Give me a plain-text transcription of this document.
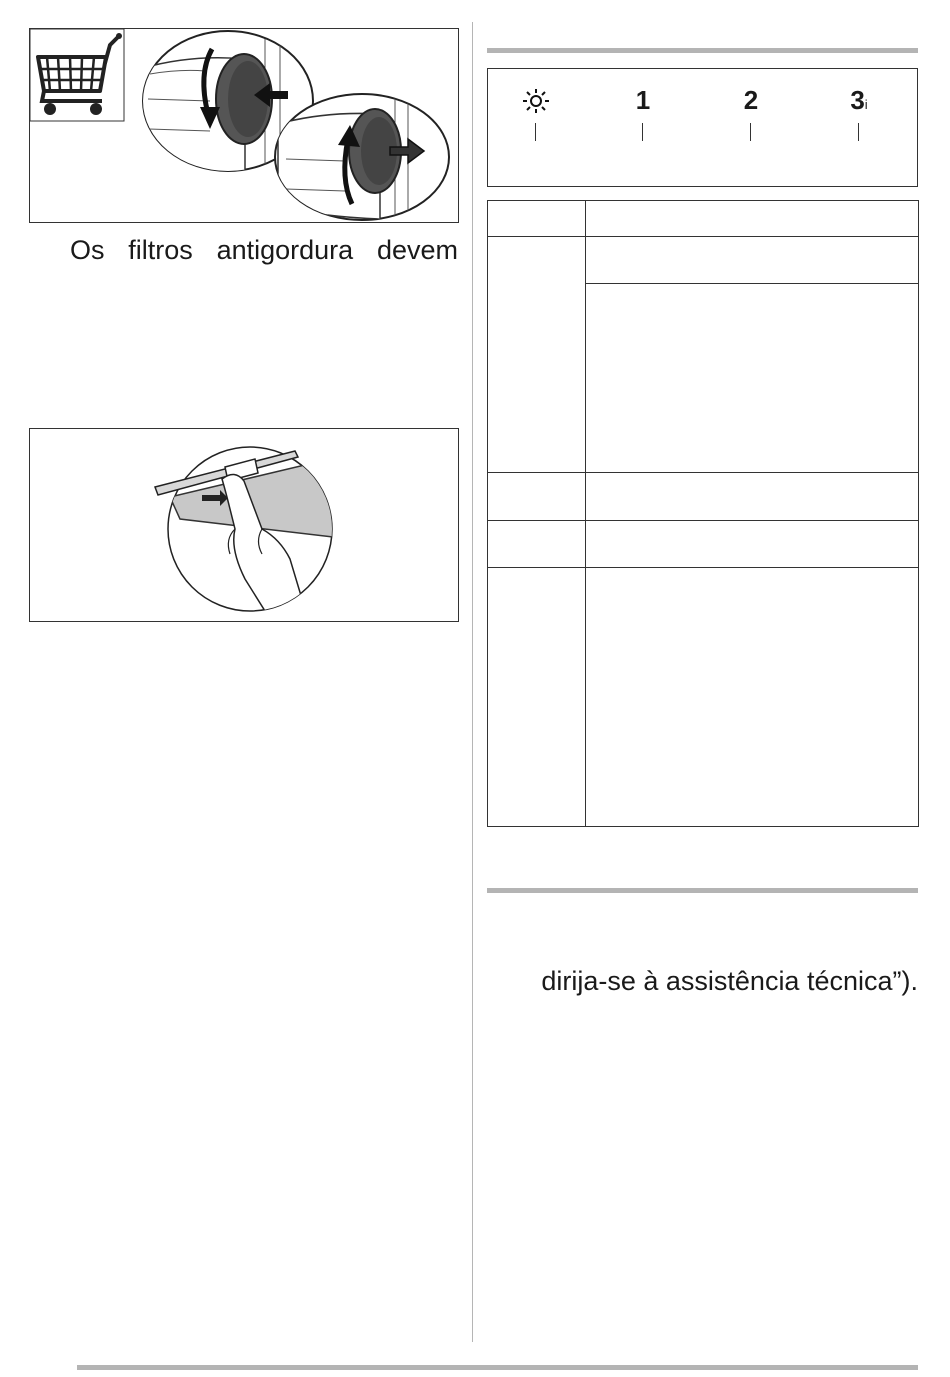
Os filtros antigordura devem
1	2	3i

dirija-se à assistência técnica”).
